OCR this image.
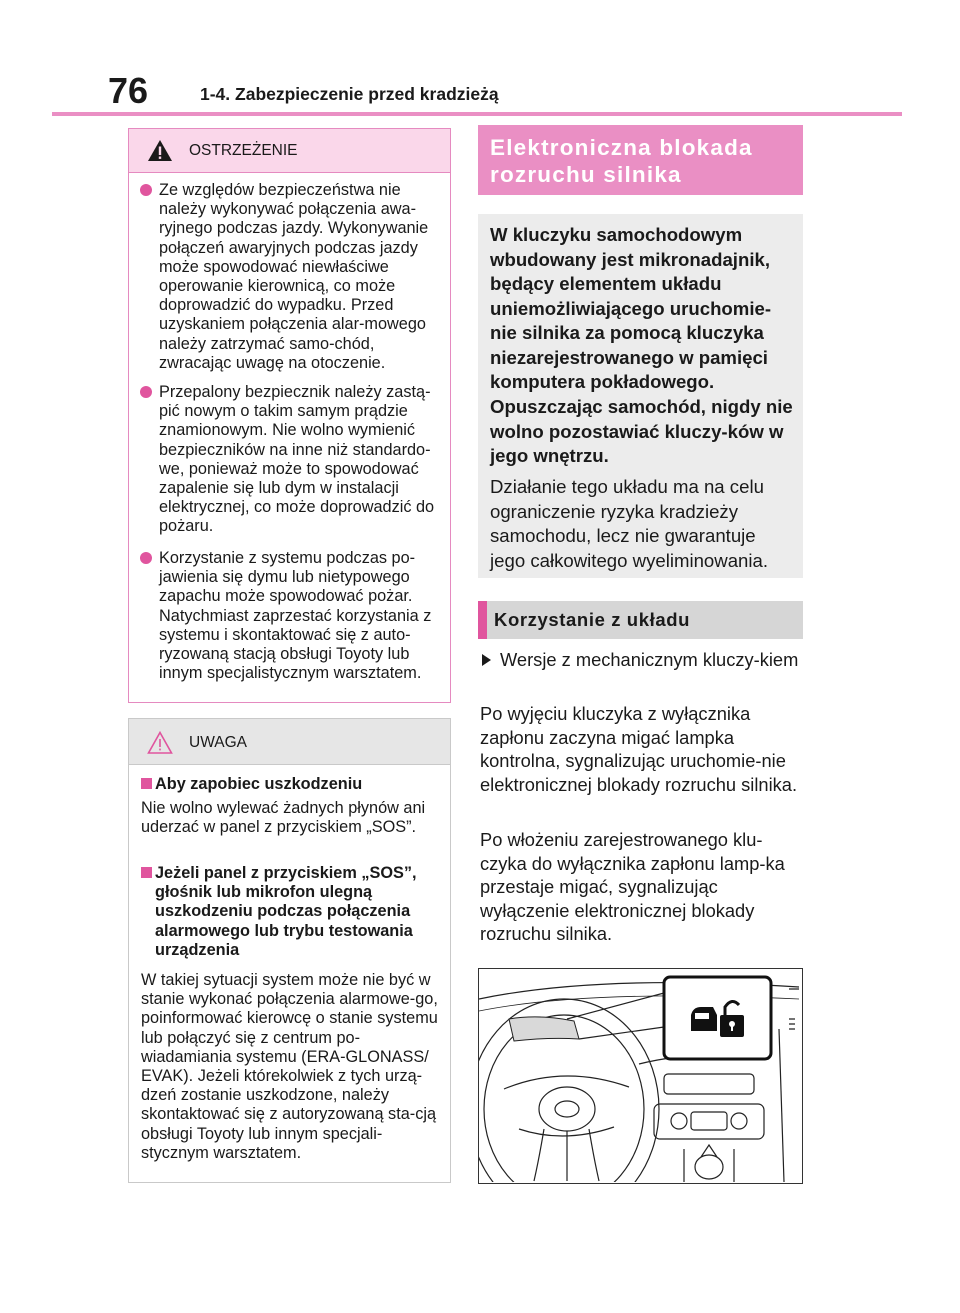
76	1-4. Zabezpieczenie przed kradzieżą
OSTRZEŻENIE
Ze względów bezpieczeństwa nie należy wykonywać połączenia awa-ryjnego podczas jazdy. Wykonywanie połączeń awaryjnych podczas jazdy może spowodować niewłaściwe operowanie kierownicą, co może doprowadzić do wypadku. Przed uzyskaniem połączenia alar-mowego należy zatrzymać samo-chód, zwracając uwagę na otoczenie.
Przepalony bezpiecznik należy zastą-pić nowym o takim samym prądzie znamionowym. Nie wolno wymienić bezpieczników na inne niż standardo-we, ponieważ może to spowodować zapalenie się lub dym w instalacji elektrycznej, co może doprowadzić do pożaru.
Korzystanie z systemu podczas po-jawienia się dymu lub nietypowego zapachu może spowodować pożar. Natychmiast zaprzestać korzystania z systemu i skontaktować się z auto-ryzowaną stacją obsługi Toyoty lub innym specjalistycznym warsztatem.
UWAGA
Aby zapobiec uszkodzeniu
Nie wolno wylewać żadnych płynów ani uderzać w panel z przyciskiem „SOS”.
Jeżeli panel z przyciskiem „SOS”, głośnik lub mikrofon ulegną uszkodzeniu podczas połączenia alarmowego lub trybu testowania urządzenia
W takiej sytuacji system może nie być w stanie wykonać połączenia alarmowe-go, poinformować kierowcę o stanie systemu lub połączyć się z centrum po-wiadamiania systemu (ERA-GLONASS/ EVAK). Jeżeli którekolwiek z tych urzą-dzeń zostanie uszkodzone, należy skontaktować się z autoryzowaną sta-cją obsługi Toyoty lub innym specjali-stycznym warsztatem.
Elektroniczna blokada rozruchu silnika
W kluczyku samochodowym wbudowany jest mikronadajnik, będący elementem układu uniemożliwiającego uruchomie-nie silnika za pomocą kluczyka niezarejestrowanego w pamięci komputera pokładowego.
Opuszczając samochód, nigdy nie wolno pozostawiać kluczy-ków w jego wnętrzu.
Działanie tego układu ma na celu ograniczenie ryzyka kradzieży samochodu, lecz nie gwarantuje jego całkowitego wyeliminowania.
Korzystanie z układu
Wersje z mechanicznym kluczy-kiem
Po wyjęciu kluczyka z wyłącznika zapłonu zaczyna migać lampka kontrolna, sygnalizując uruchomie-nie elektronicznej blokady rozruchu silnika.
Po włożeniu zarejestrowanego klu-czyka do wyłącznika zapłonu lamp-ka przestaje migać, sygnalizując wyłączenie elektronicznej blokady rozruchu silnika.
